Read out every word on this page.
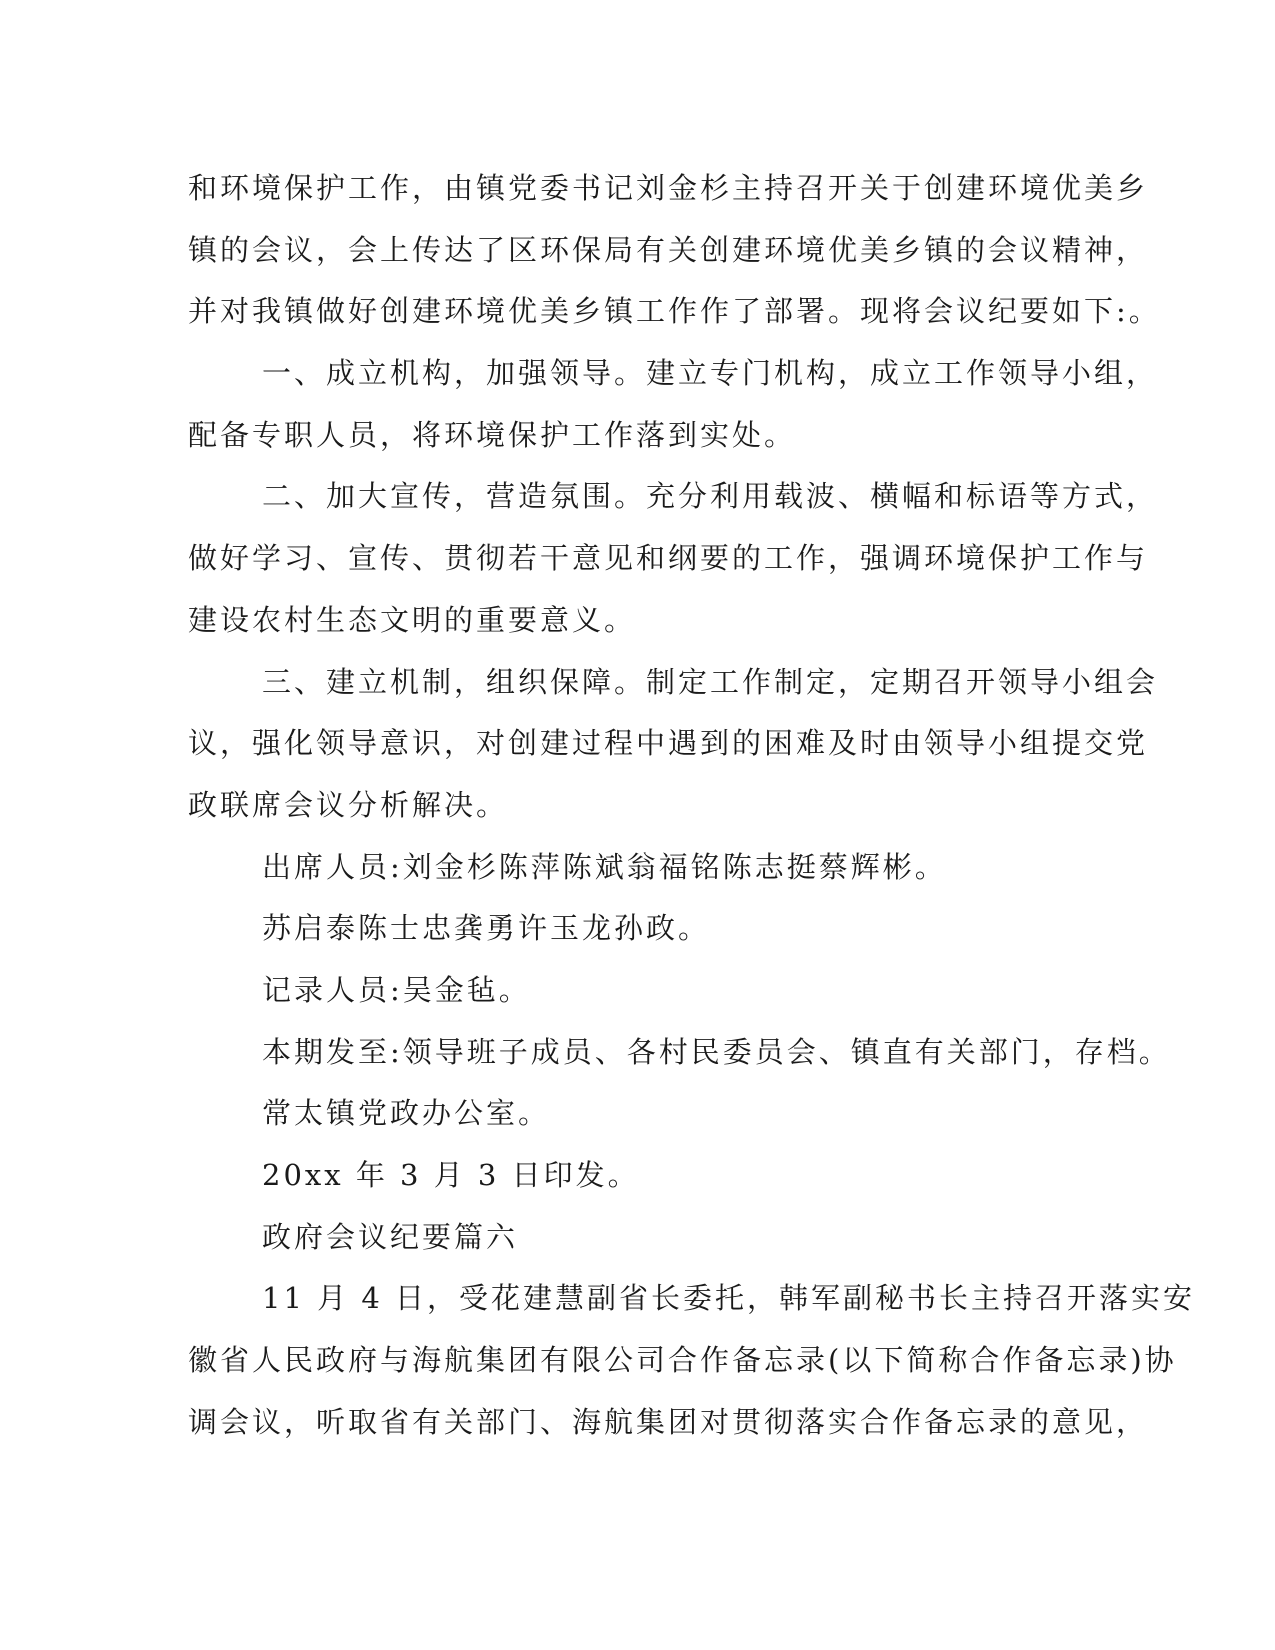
和环境保护工作，由镇党委书记刘金杉主持召开关于创建环境优美乡

镇的会议，会上传达了区环保局有关创建环境优美乡镇的会议精神，

并对我镇做好创建环境优美乡镇工作作了部署。现将会议纪要如下:。

一、成立机构，加强领导。建立专门机构，成立工作领导小组，

配备专职人员，将环境保护工作落到实处。

二、加大宣传，营造氛围。充分利用载波、横幅和标语等方式，

做好学习、宣传、贯彻若干意见和纲要的工作，强调环境保护工作与

建设农村生态文明的重要意义。

三、建立机制，组织保障。制定工作制定，定期召开领导小组会

议，强化领导意识，对创建过程中遇到的困难及时由领导小组提交党

政联席会议分析解决。

出席人员:刘金杉陈萍陈斌翁福铭陈志挺蔡辉彬。

苏启泰陈士忠龚勇许玉龙孙政。

记录人员:吴金毡。

本期发至:领导班子成员、各村民委员会、镇直有关部门，存档。

常太镇党政办公室。

20xx 年 3 月 3 日印发。

政府会议纪要篇六

11 月 4 日，受花建慧副省长委托，韩军副秘书长主持召开落实安

徽省人民政府与海航集团有限公司合作备忘录(以下简称合作备忘录)协

调会议，听取省有关部门、海航集团对贯彻落实合作备忘录的意见，
